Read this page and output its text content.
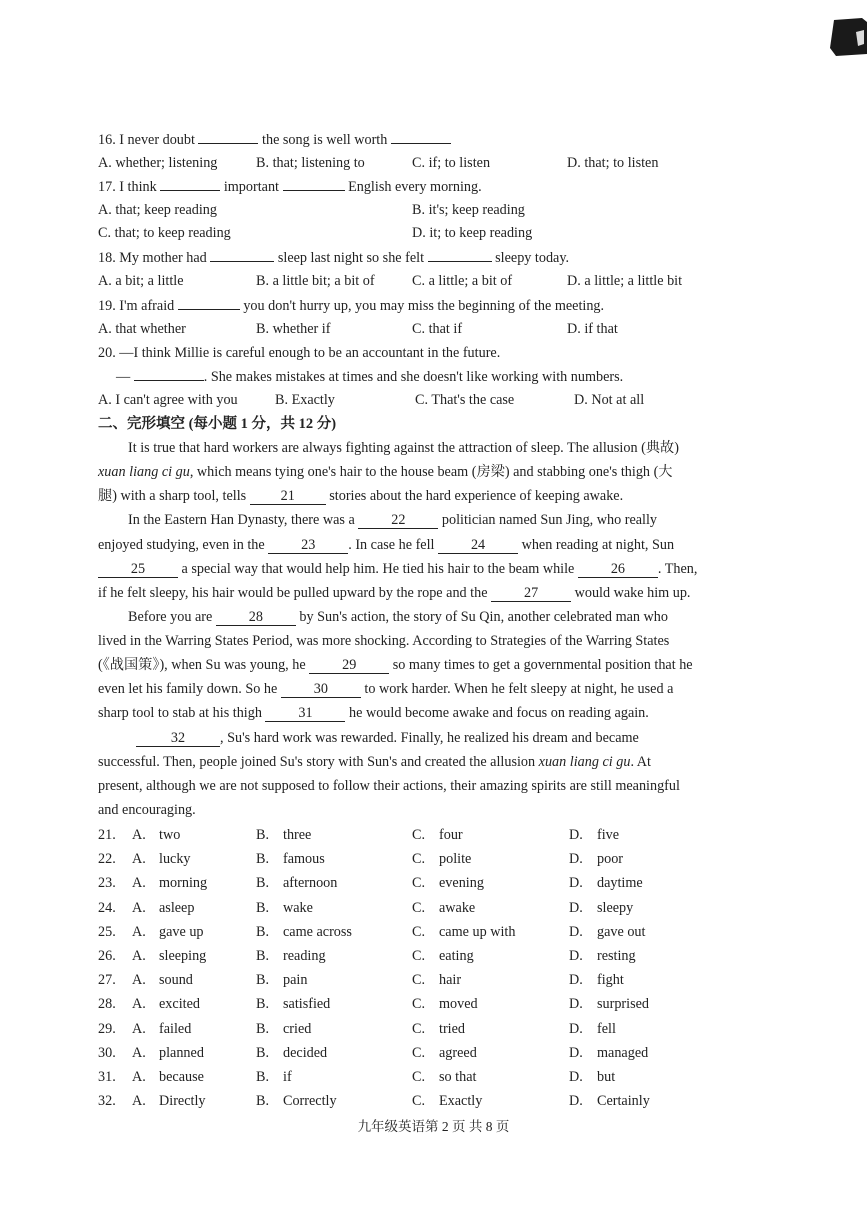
16. I never doubt	the song is well worth
A. whether; listening	B. that; listening to	C. if; to listen	D. that; to listen
17. I think	important	English every morning.
A. that; keep reading	B. it's; keep reading
C. that; to keep reading	D. it; to keep reading
18. My mother had	sleep last night so she felt	sleepy today.
A. a bit; a little	B. a little bit; a bit of	C. a little; a bit of	D. a little; a little bit
19. I'm afraid	you don't hurry up, you may miss the beginning of the meeting.
A. that whether	B. whether if	C. that if	D. if that
20. —I think Millie is careful enough to be an accountant in the future.
—	. She makes mistakes at times and she doesn't like working with numbers.
A. I can't agree with you	B. Exactly	C. That's the case	D. Not at all
二、完形填空 (每小题 1 分，共 12 分)
It is true that hard workers are always fighting against the attraction of sleep. The allusion (典故)
xuan liang ci gu, which means tying one's hair to the house beam (房梁) and stabbing one's thigh (大
腿) with a sharp tool, tells 21 stories about the hard experience of keeping awake.
In the Eastern Han Dynasty, there was a 22 politician named Sun Jing, who really
enjoyed studying, even in the 23 . In case he fell 24 when reading at night, Sun
25 a special way that would help him. He tied his hair to the beam while 26 . Then,
if he felt sleepy, his hair would be pulled upward by the rope and the 27 would wake him up.
Before you are 28 by Sun's action, the story of Su Qin, another celebrated man who
lived in the Warring States Period, was more shocking. According to Strategies of the Warring States
(《战国策》), when Su was young, he 29 so many times to get a governmental position that he
even let his family down. So he 30 to work harder. When he felt sleepy at night, he used a
sharp tool to stab at his thigh 31 he would become awake and focus on reading again.
32 , Su's hard work was rewarded. Finally, he realized his dream and became
successful. Then, people joined Su's story with Sun's and created the allusion xuan liang ci gu. At
present, although we are not supposed to follow their actions, their amazing spirits are still meaningful
and encouraging.
21. A. two	B. three	C. four	D. five
22. A. lucky	B. famous	C. polite	D. poor
23. A. morning	B. afternoon	C. evening	D. daytime
24. A. asleep	B. wake	C. awake	D. sleepy
25. A. gave up	B. came across	C. came up with	D. gave out
26. A. sleeping	B. reading	C. eating	D. resting
27. A. sound	B. pain	C. hair	D. fight
28. A. excited	B. satisfied	C. moved	D. surprised
29. A. failed	B. cried	C. tried	D. fell
30. A. planned	B. decided	C. agreed	D. managed
31. A. because	B. if	C. so that	D. but
32. A. Directly	B. Correctly	C. Exactly	D. Certainly
九年级英语第 2 页 共 8 页
